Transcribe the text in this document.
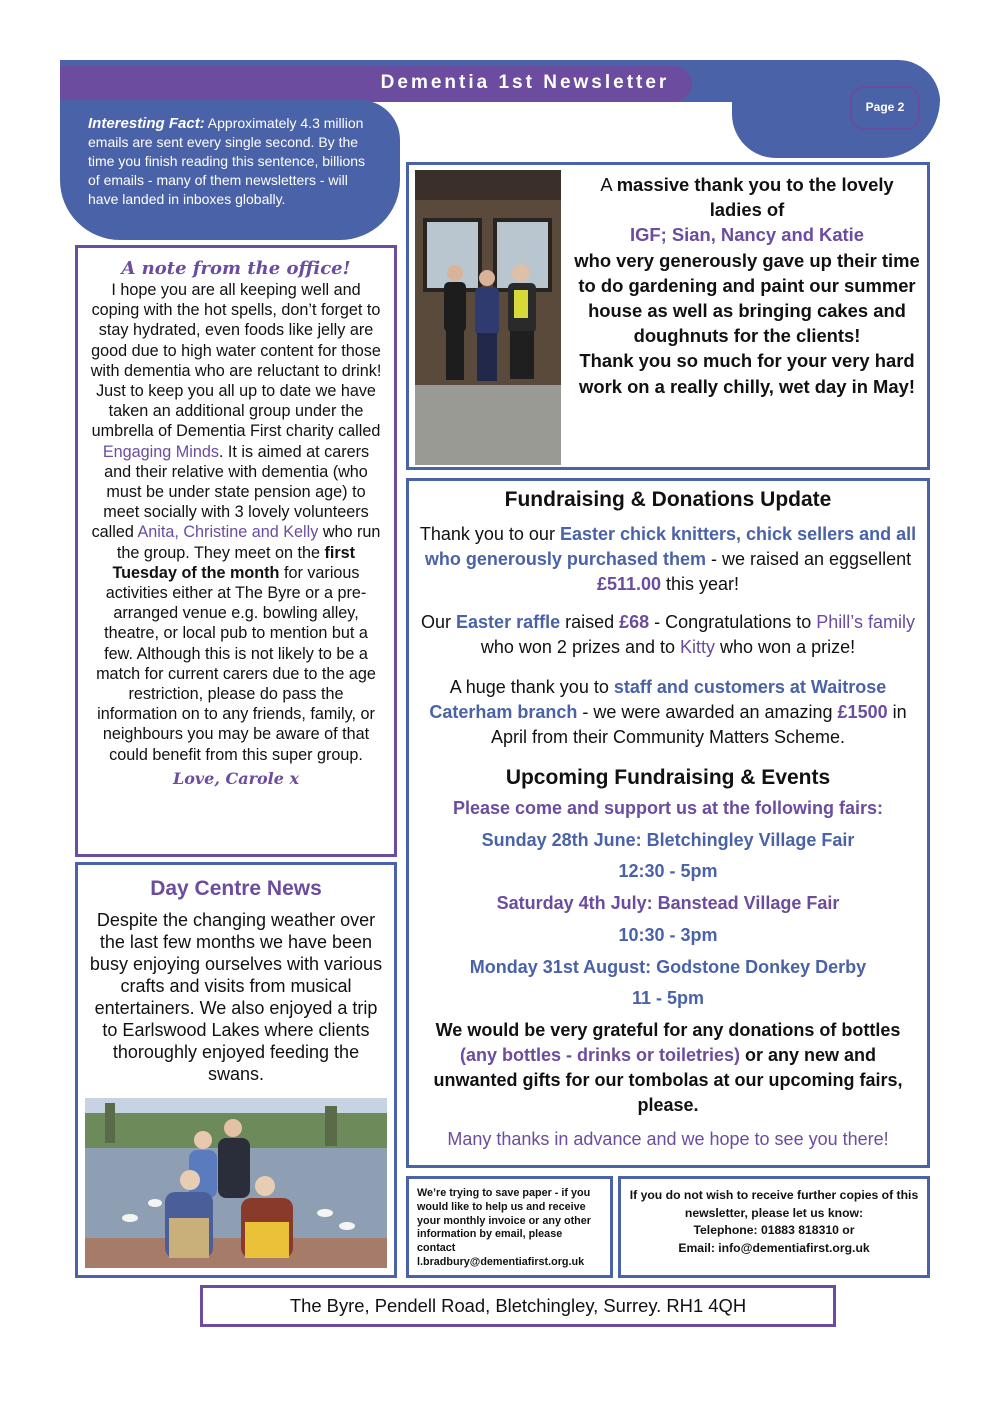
Dementia 1st Newsletter
Page 2
Interesting Fact: Approximately 4.3 million emails are sent every single second. By the time you finish reading this sentence, billions of emails - many of them newsletters - will have landed in inboxes globally.
A note from the office!
I hope you are all keeping well and coping with the hot spells, don’t forget to stay hydrated, even foods like jelly are good due to high water content for those with dementia who are reluctant to drink! Just to keep you all up to date we have taken an additional group under the umbrella of Dementia First charity called Engaging Minds. It is aimed at carers and their relative with dementia (who must be under state pension age) to meet socially with 3 lovely volunteers called Anita, Christine and Kelly who run the group. They meet on the first Tuesday of the month for various activities either at The Byre or a pre-arranged venue e.g. bowling alley, theatre, or local pub to mention but a few. Although this is not likely to be a match for current carers due to the age restriction, please do pass the information on to any friends, family, or neighbours you may be aware of that could benefit from this super group.
Love, Carole x
Day Centre News
Despite the changing weather over the last few months we have been busy enjoying ourselves with various crafts and visits from musical entertainers. We also enjoyed a trip to Earlswood Lakes where clients thoroughly enjoyed feeding the swans.
A massive thank you to the lovely ladies of
IGF; Sian, Nancy and Katie
who very generously gave up their time to do gardening and paint our summer house as well as bringing cakes and doughnuts for the clients!
Thank you so much for your very hard work on a really chilly, wet day in May!
Fundraising & Donations Update
Thank you to our Easter chick knitters, chick sellers and all who generously purchased them - we raised an eggsellent £511.00 this year!
Our Easter raffle raised £68 - Congratulations to Phill’s family who won 2 prizes and to Kitty who won a prize!
A huge thank you to staff and customers at Waitrose Caterham branch - we were awarded an amazing £1500 in April from their Community Matters Scheme.
Upcoming Fundraising & Events
Please come and support us at the following fairs:
Sunday 28th June: Bletchingley Village Fair
12:30 - 5pm
Saturday 4th July: Banstead Village Fair
10:30 - 3pm
Monday 31st August: Godstone Donkey Derby
11 - 5pm
We would be very grateful for any donations of bottles (any bottles - drinks or toiletries) or any new and unwanted gifts for our tombolas at our upcoming fairs, please.
Many thanks in advance and we hope to see you there!
We’re trying to save paper - if you would like to help us and receive your monthly invoice or any other information by email, please contact l.bradbury@dementiafirst.org.uk
If you do not wish to receive further copies of this newsletter, please let us know:
Telephone: 01883 818310 or
Email: info@dementiafirst.org.uk
The Byre, Pendell Road, Bletchingley, Surrey. RH1 4QH
